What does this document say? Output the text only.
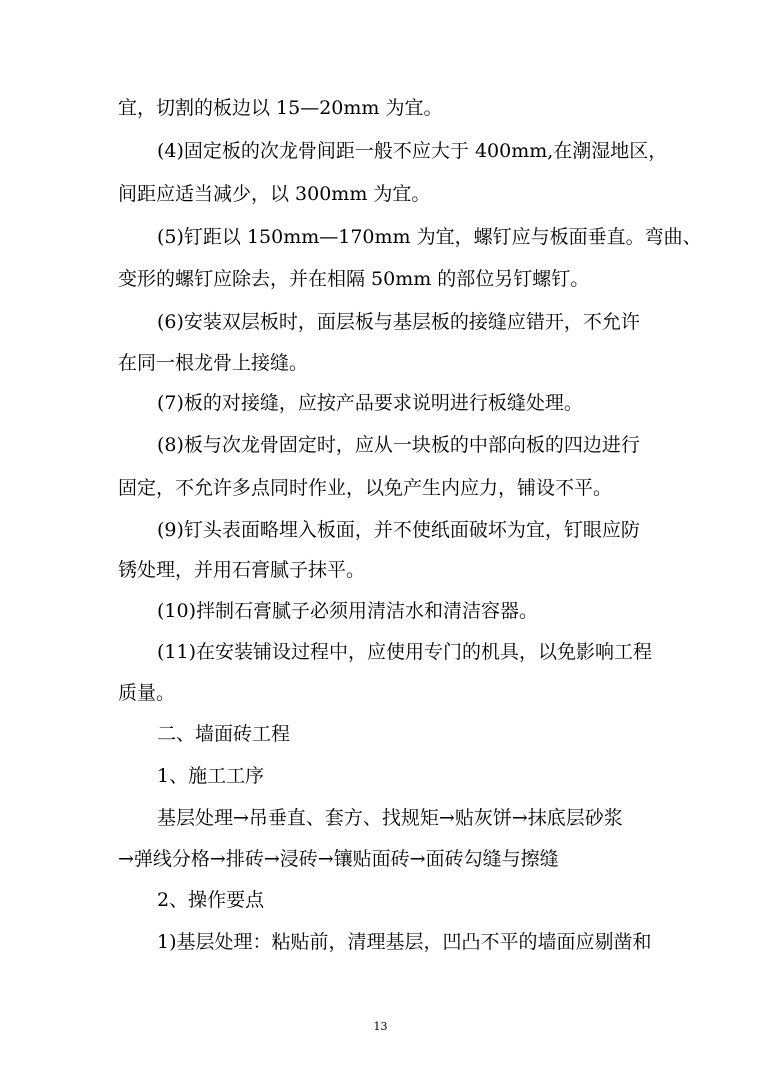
宜，切割的板边以 15—20mm 为宜。
(4)固定板的次龙骨间距一般不应大于 400mm,在潮湿地区，
间距应适当减少，以 300mm 为宜。
(5)钉距以 150mm—170mm 为宜，螺钉应与板面垂直。弯曲、
变形的螺钉应除去，并在相隔 50mm 的部位另钉螺钉。
(6)安装双层板时，面层板与基层板的接缝应错开，不允许
在同一根龙骨上接缝。
(7)板的对接缝，应按产品要求说明进行板缝处理。
(8)板与次龙骨固定时，应从一块板的中部向板的四边进行
固定，不允许多点同时作业，以免产生内应力，铺设不平。
(9)钉头表面略埋入板面，并不使纸面破坏为宜，钉眼应防
锈处理，并用石膏腻子抹平。
(10)拌制石膏腻子必须用清洁水和清洁容器。
(11)在安装铺设过程中，应使用专门的机具，以免影响工程
质量。
二、墙面砖工程
1、施工工序
基层处理→吊垂直、套方、找规矩→贴灰饼→抹底层砂浆
→弹线分格→排砖→浸砖→镶贴面砖→面砖勾缝与擦缝
2、操作要点
1)基层处理：粘贴前，清理基层，凹凸不平的墙面应剔凿和
13
